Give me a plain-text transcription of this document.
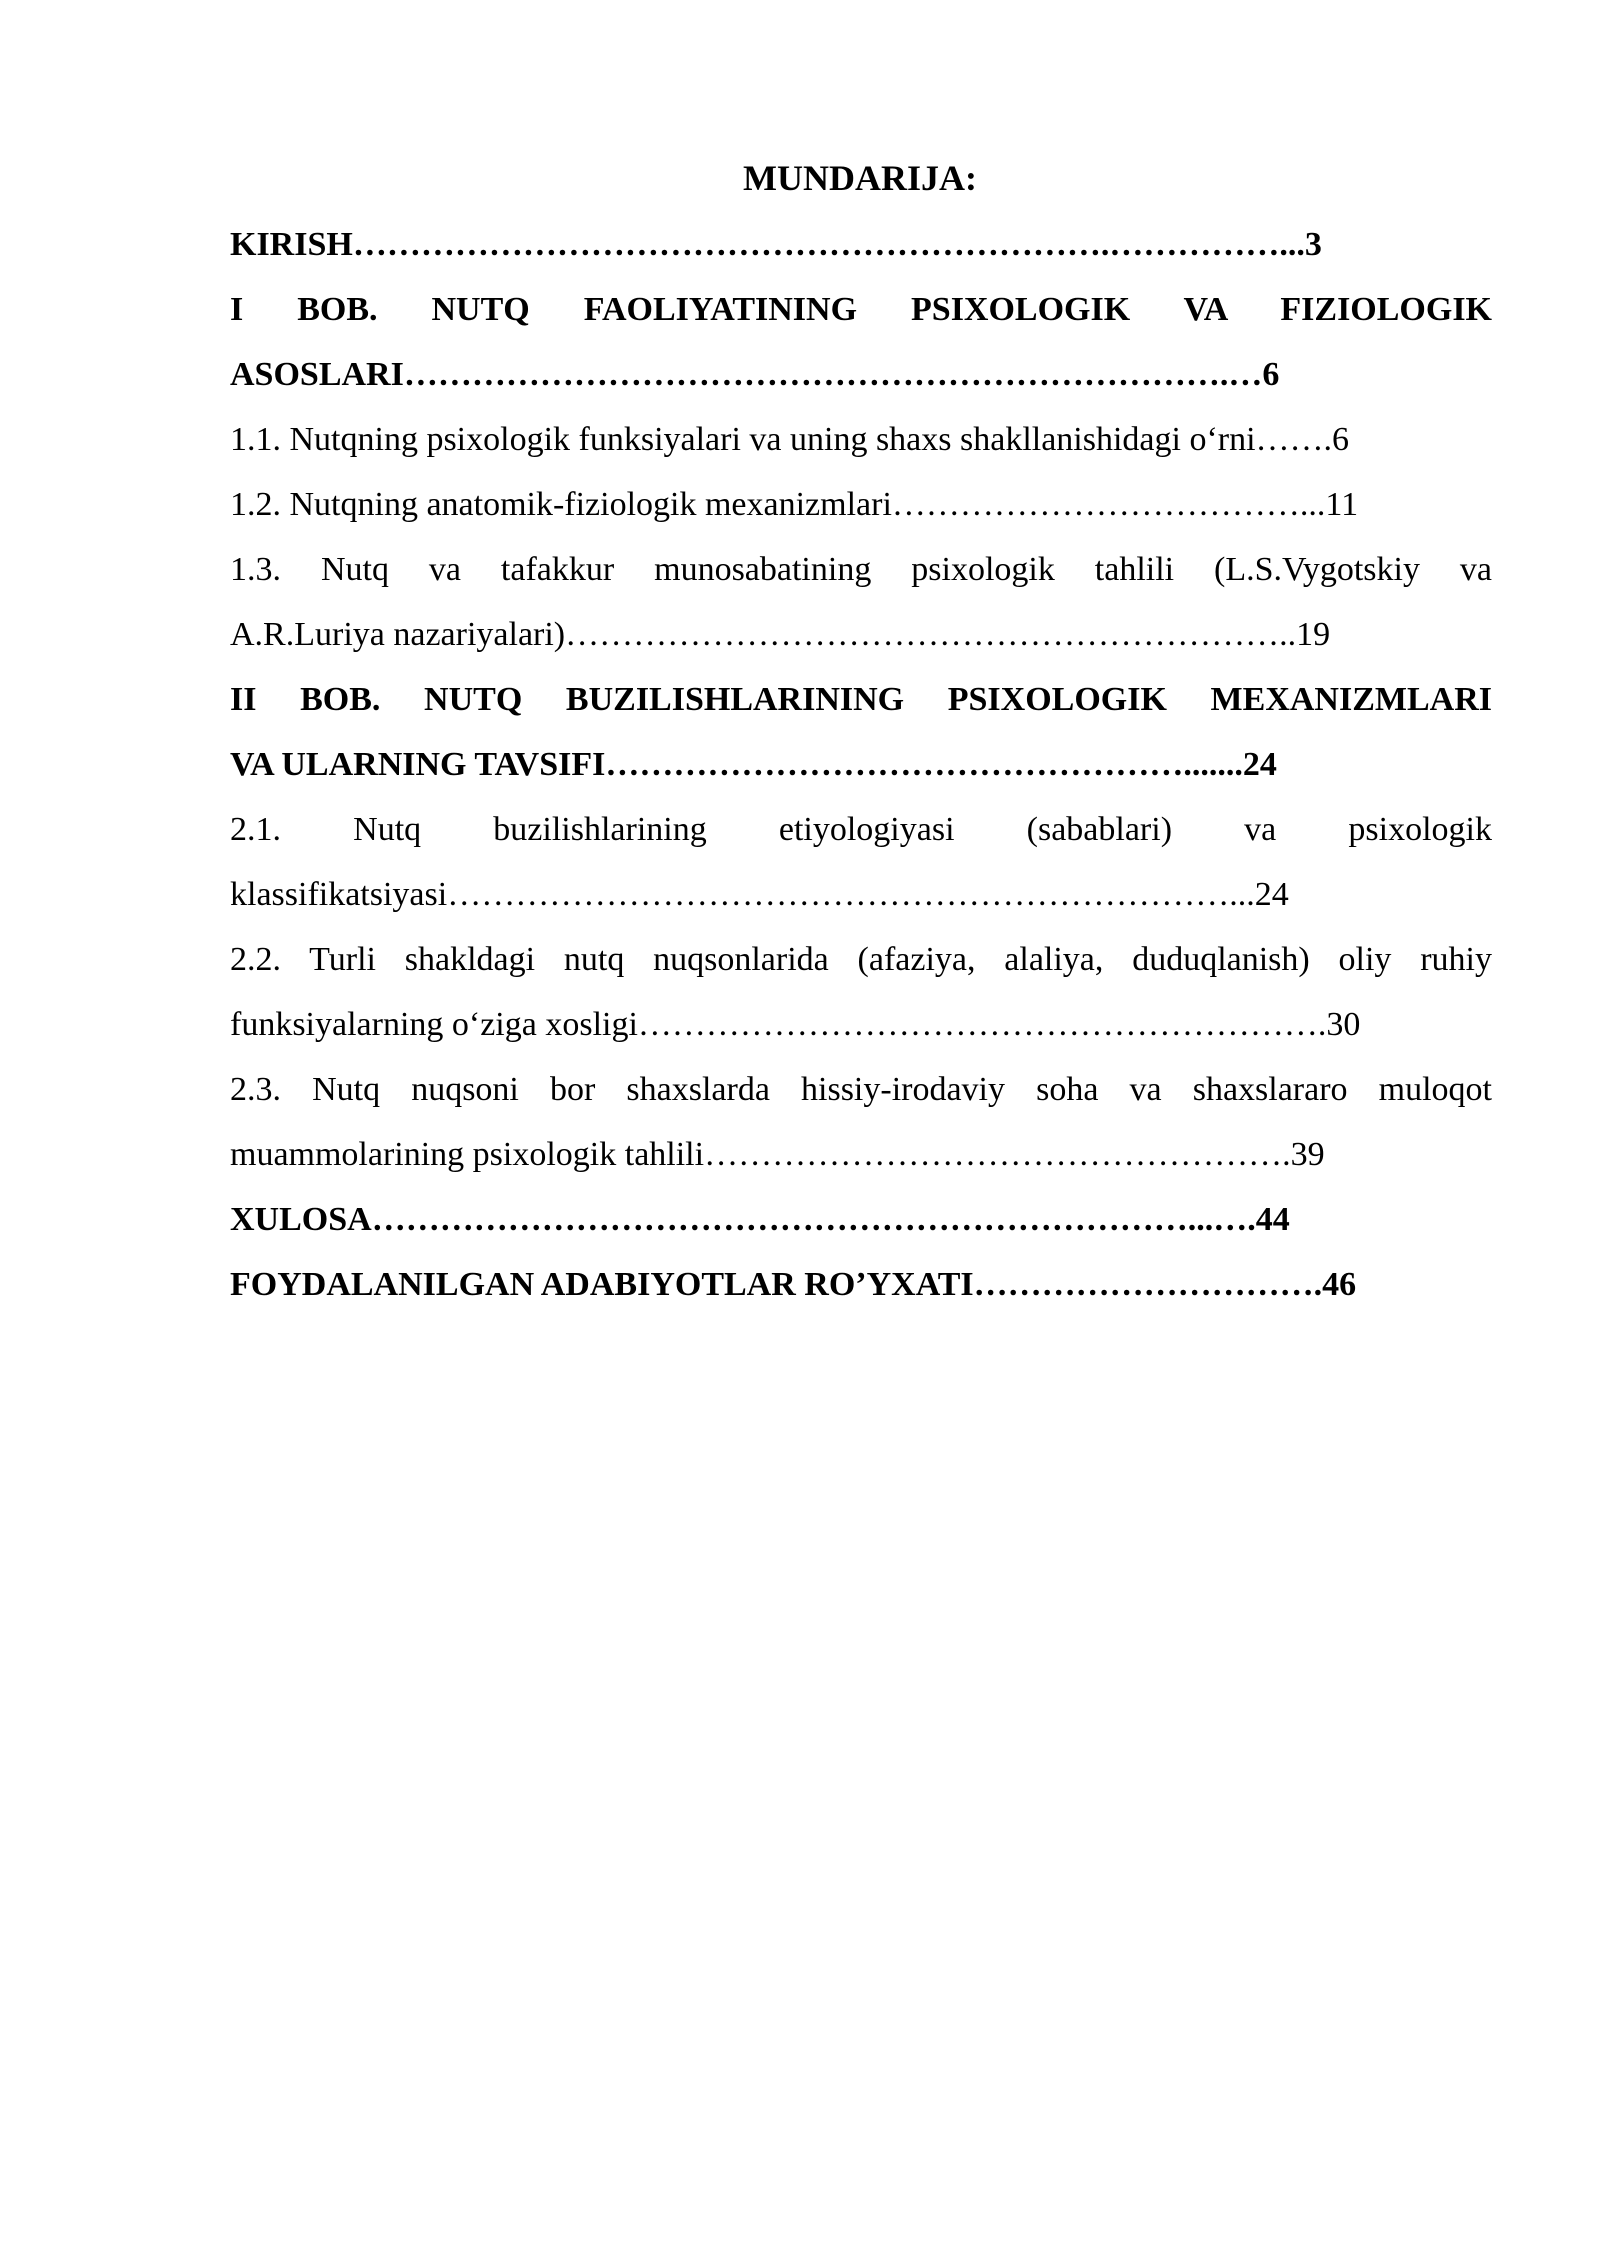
MUNDARIJA:

KIRISH………………………………………………………….……………...3

I BOB. NUTQ FAOLIYATINING PSIXOLOGIK VA FIZIOLOGIK

ASOSLARI……………………………………………………………….…6

1.1. Nutqning psixologik funksiyalari va uning shaxs shakllanishidagi o‘rni…….6

1.2. Nutqning anatomik-fiziologik mexanizmlari………………………………...11

1.3. Nutq va tafakkur munosabatining psixologik tahlili (L.S.Vygotskiy va

A.R.Luriya nazariyalari)………………………………………………………..19

II BOB. NUTQ BUZILISHLARINING PSIXOLOGIK MEXANIZMLARI

VA ULARNING TAVSIFI…………………………………………….......24

2.1. Nutq buzilishlarining etiyologiyasi (sabablari) va psixologik

klassifikatsiyasi……………………………………………………………...24

2.2. Turli shakldagi nutq nuqsonlarida (afaziya, alaliya, duduqlanish) oliy ruhiy

funksiyalarning o‘ziga xosligi…………………………………………………….30

2.3. Nutq nuqsoni bor shaxslarda hissiy-irodaviy soha va shaxslararo muloqot

muammolarining psixologik tahlili…………………………………………….39

XULOSA………………………………………………………………...….44

FOYDALANILGAN ADABIYOTLAR RO’YXATI………………………….46
